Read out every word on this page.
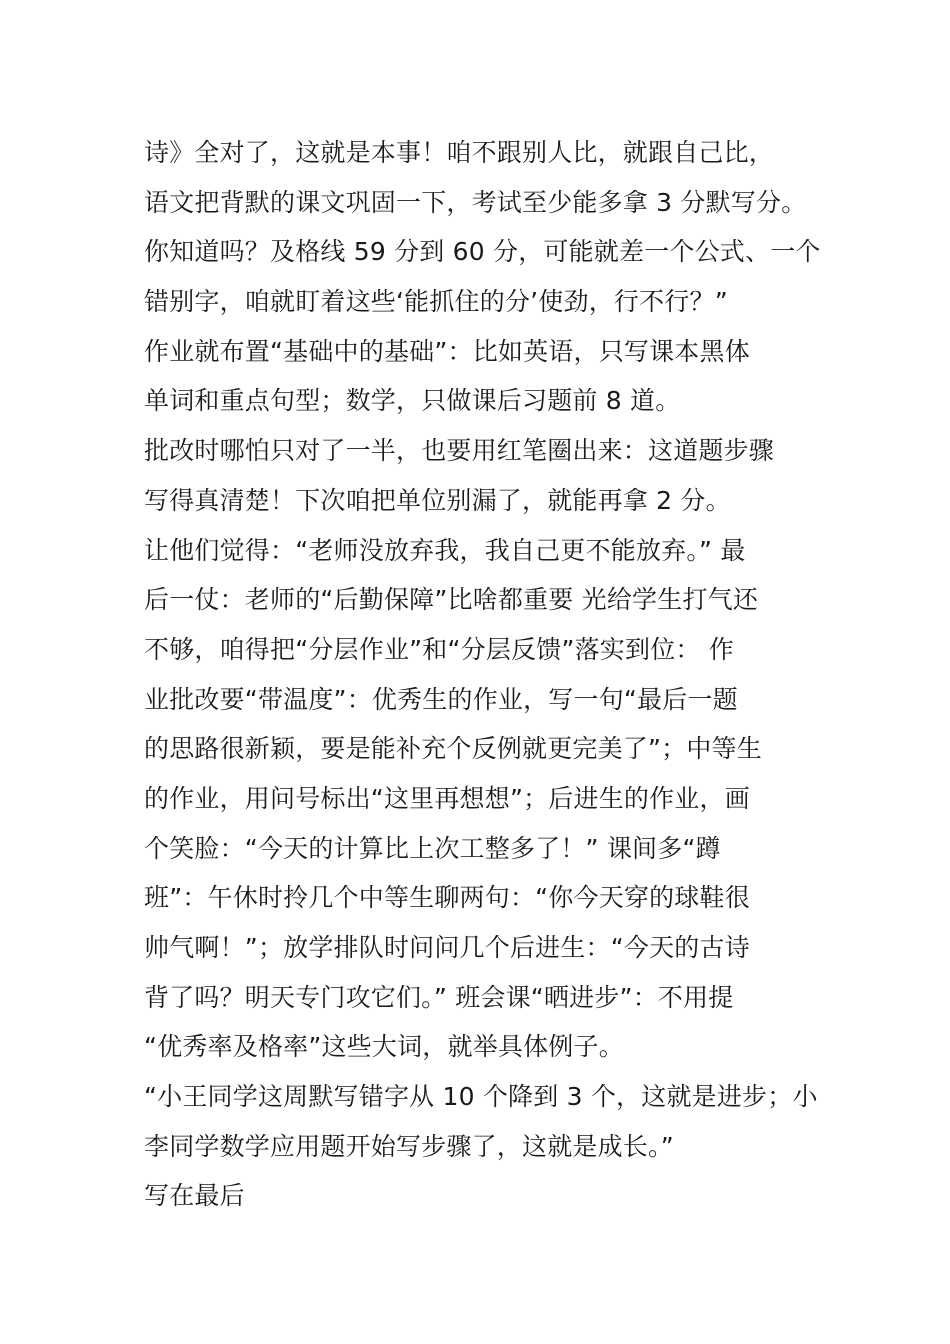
诗》全对了，这就是本事！咱不跟别人比，就跟自己比，
语文把背默的课文巩固一下，考试至少能多拿 3 分默写分。
你知道吗？及格线 59 分到 60 分，可能就差一个公式、一个
错别字，咱就盯着这些‘能抓住的分’使劲，行不行？”
作业就布置“基础中的基础”：比如英语，只写课本黑体
单词和重点句型；数学，只做课后习题前 8 道。
批改时哪怕只对了一半，也要用红笔圈出来：这道题步骤
写得真清楚！下次咱把单位别漏了，就能再拿 2 分。
让他们觉得：“老师没放弃我，我自己更不能放弃。” 最
后一仗：老师的“后勤保障”比啥都重要 光给学生打气还
不够，咱得把“分层作业”和“分层反馈”落实到位： 作
业批改要“带温度”：优秀生的作业，写一句“最后一题
的思路很新颖，要是能补充个反例就更完美了”；中等生
的作业，用问号标出“这里再想想”；后进生的作业，画
个笑脸：“今天的计算比上次工整多了！” 课间多“蹲
班”：午休时拎几个中等生聊两句：“你今天穿的球鞋很
帅气啊！”；放学排队时问问几个后进生：“今天的古诗
背了吗？明天专门攻它们。” 班会课“晒进步”：不用提
“优秀率及格率”这些大词，就举具体例子。
“小王同学这周默写错字从 10 个降到 3 个，这就是进步；小
李同学数学应用题开始写步骤了，这就是成长。”
写在最后
